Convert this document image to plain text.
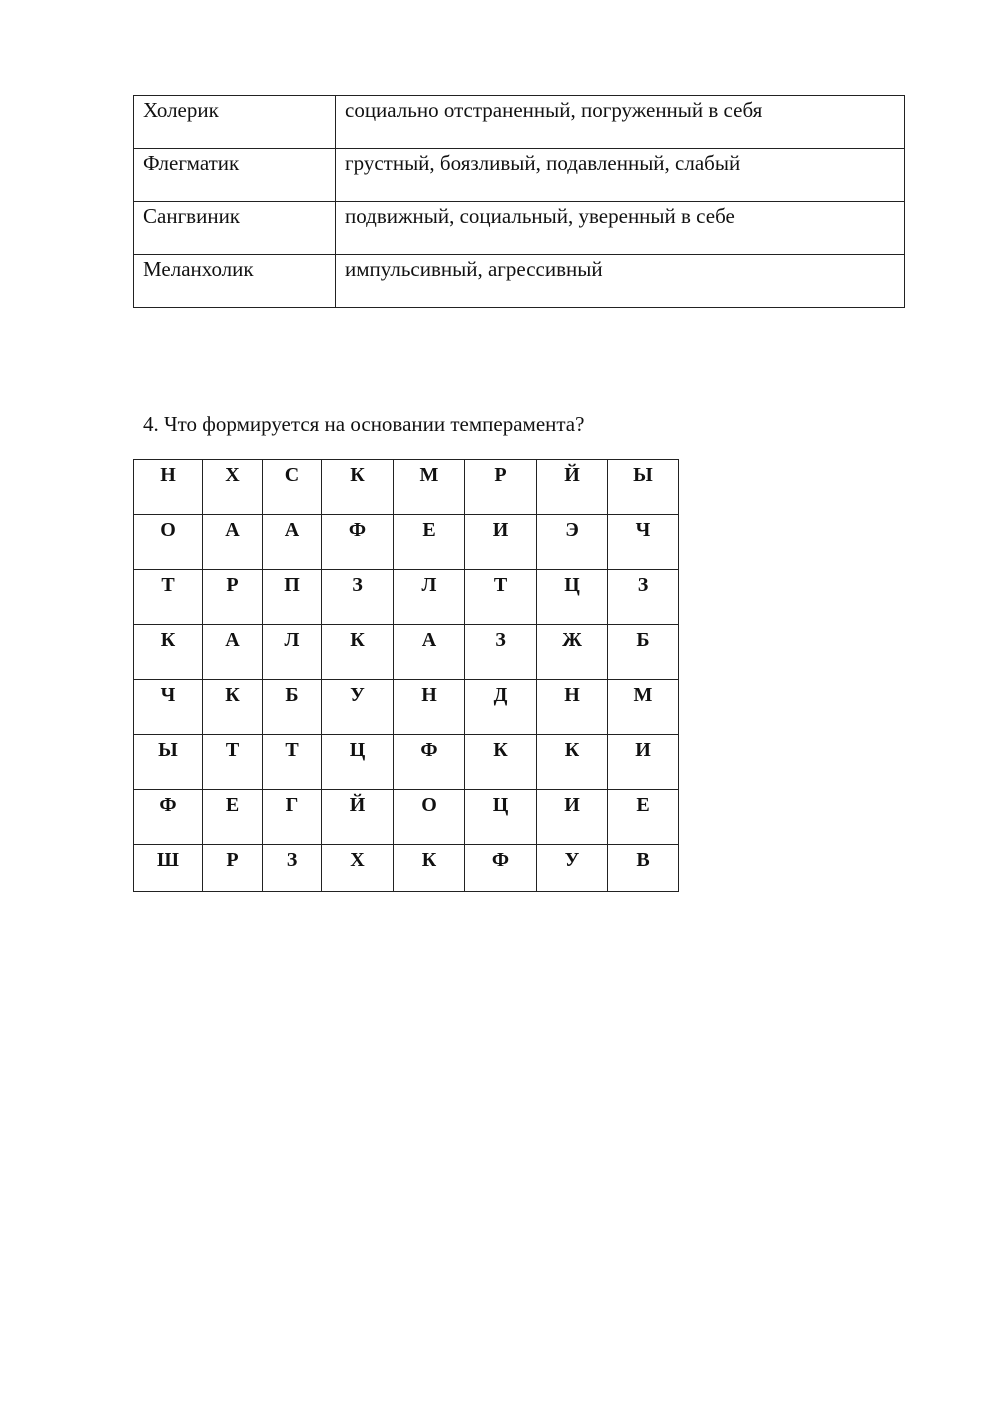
Холерик	социально отстраненный, погруженный в себя

Флегматик	грустный, боязливый, подавленный, слабый

Сангвиник	подвижный, социальный, уверенный в себе

Меланхолик	импульсивный, агрессивный

4. Что формируется на основании темперамента?

Н	Х	С	К	М	Р	Й	Ы

О	А	А	Ф	Е	И	Э	Ч

Т	Р	П	З	Л	Т	Ц	З

К	А	Л	К	А	З	Ж	Б

Ч	К	Б	У	Н	Д	Н	М

Ы	Т	Т	Ц	Ф	К	К	И

Ф	Е	Г	Й	О	Ц	И	Е

Ш	Р	З	Х	К	Ф	У	В
